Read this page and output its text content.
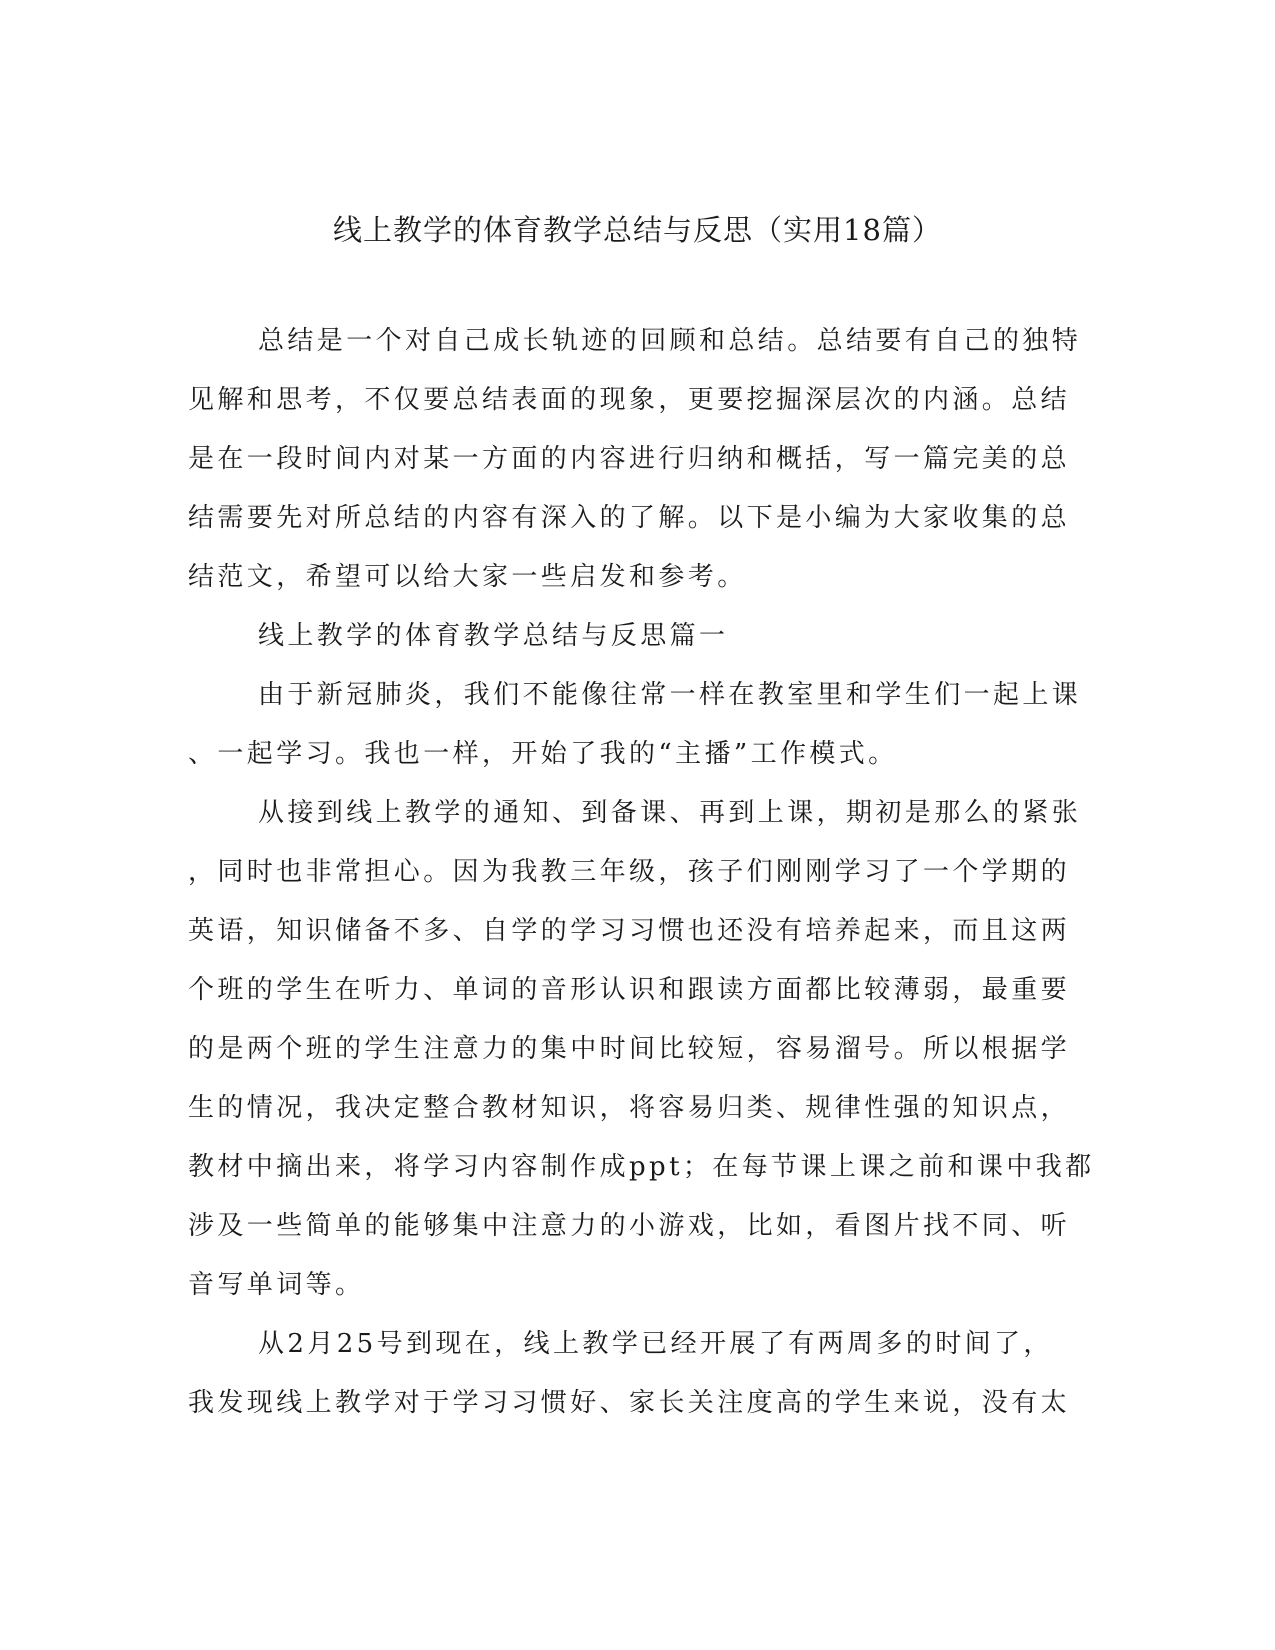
线上教学的体育教学总结与反思（实用18篇）
总结是一个对自己成长轨迹的回顾和总结。总结要有自己的独特
见解和思考，不仅要总结表面的现象，更要挖掘深层次的内涵。总结
是在一段时间内对某一方面的内容进行归纳和概括，写一篇完美的总
结需要先对所总结的内容有深入的了解。以下是小编为大家收集的总
结范文，希望可以给大家一些启发和参考。
线上教学的体育教学总结与反思篇一
由于新冠肺炎，我们不能像往常一样在教室里和学生们一起上课
、一起学习。我也一样，开始了我的“主播”工作模式。
从接到线上教学的通知、到备课、再到上课，期初是那么的紧张
，同时也非常担心。因为我教三年级，孩子们刚刚学习了一个学期的
英语，知识储备不多、自学的学习习惯也还没有培养起来，而且这两
个班的学生在听力、单词的音形认识和跟读方面都比较薄弱，最重要
的是两个班的学生注意力的集中时间比较短，容易溜号。所以根据学
生的情况，我决定整合教材知识，将容易归类、规律性强的知识点，
教材中摘出来，将学习内容制作成ppt；在每节课上课之前和课中我都
涉及一些简单的能够集中注意力的小游戏，比如，看图片找不同、听
音写单词等。
从2月25号到现在，线上教学已经开展了有两周多的时间了，
我发现线上教学对于学习习惯好、家长关注度高的学生来说，没有太
